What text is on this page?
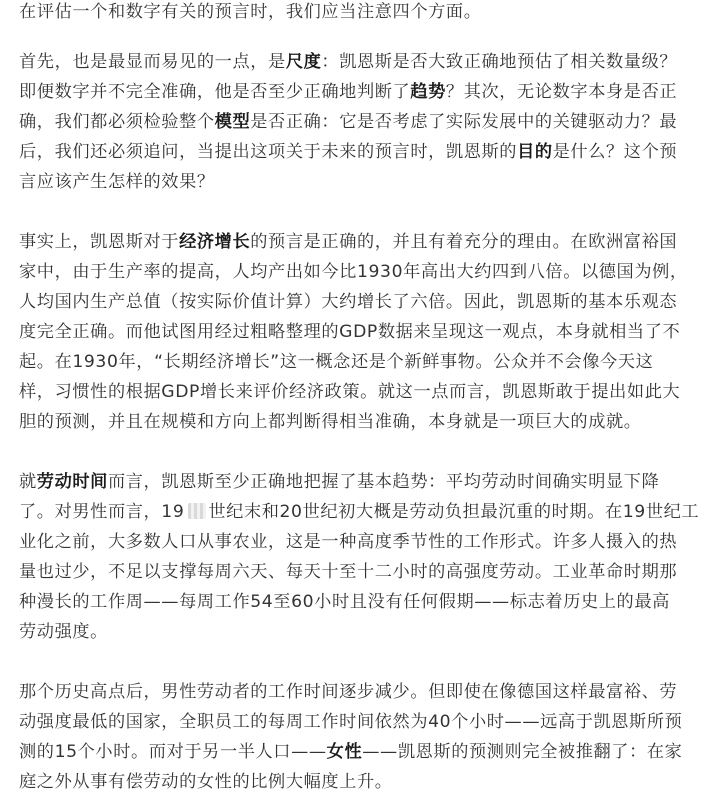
在评估一个和数字有关的预言时，我们应当注意四个方面。

首先，也是最显而易见的一点，是尺度：凯恩斯是否大致正确地预估了相关数量级？
即便数字并不完全准确，他是否至少正确地判断了趋势？其次，无论数字本身是否正
确，我们都必须检验整个模型是否正确：它是否考虑了实际发展中的关键驱动力？最
后，我们还必须追问，当提出这项关于未来的预言时，凯恩斯的目的是什么？这个预
言应该产生怎样的效果？

事实上，凯恩斯对于经济增长的预言是正确的，并且有着充分的理由。在欧洲富裕国
家中，由于生产率的提高，人均产出如今比1930年高出大约四到八倍。以德国为例，
人均国内生产总值（按实际价值计算）大约增长了六倍。因此，凯恩斯的基本乐观态
度完全正确。而他试图用经过粗略整理的GDP数据来呈现这一观点，本身就相当了不
起。在1930年，“长期经济增长”这一概念还是个新鲜事物。公众并不会像今天这
样，习惯性的根据GDP增长来评价经济政策。就这一点而言，凯恩斯敢于提出如此大
胆的预测，并且在规模和方向上都判断得相当准确，本身就是一项巨大的成就。

就劳动时间而言，凯恩斯至少正确地把握了基本趋势：平均劳动时间确实明显下降
了。对男性而言，19 世纪末和20世纪初大概是劳动负担最沉重的时期。在19世纪工
业化之前，大多数人口从事农业，这是一种高度季节性的工作形式。许多人摄入的热
量也过少，不足以支撑每周六天、每天十至十二小时的高强度劳动。工业革命时期那
种漫长的工作周——每周工作54至60小时且没有任何假期——标志着历史上的最高
劳动强度。

那个历史高点后，男性劳动者的工作时间逐步减少。但即使在像德国这样最富裕、劳
动强度最低的国家，全职员工的每周工作时间依然为40个小时——远高于凯恩斯所预
测的15个小时。而对于另一半人口——女性——凯恩斯的预测则完全被推翻了：在家
庭之外从事有偿劳动的女性的比例大幅度上升。
